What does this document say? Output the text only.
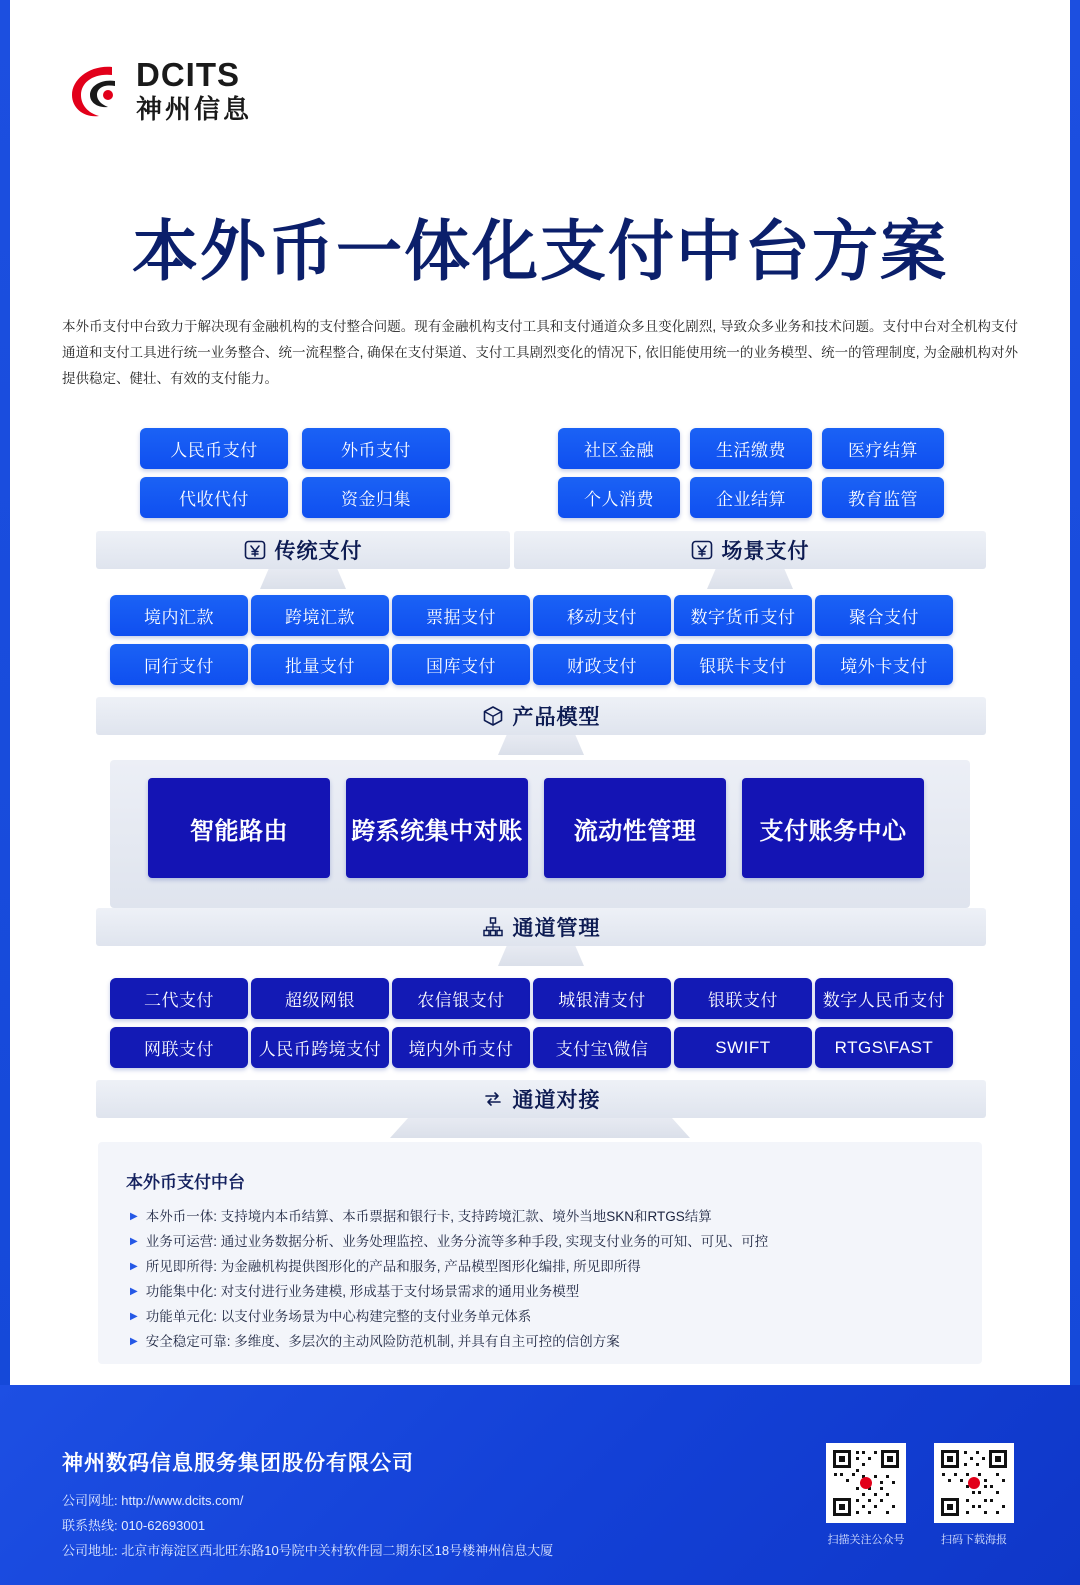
DCITS
神州信息
本外币一体化支付中台方案
本外币支付中台致力于解决现有金融机构的支付整合问题。现有金融机构支付工具和支付通道众多且变化剧烈, 导致众多业务和技术问题。支付中台对全机构支付通道和支付工具进行统一业务整合、统一流程整合, 确保在支付渠道、支付工具剧烈变化的情况下, 依旧能使用统一的业务模型、统一的管理制度, 为金融机构对外提供稳定、健壮、有效的支付能力。
人民币支付	外币支付
代收代付	资金归集
传统支付
社区金融	生活缴费	医疗结算
个人消费	企业结算	教育监管
场景支付
境内汇款	跨境汇款	票据支付	移动支付	数字货币支付	聚合支付
同行支付	批量支付	国库支付	财政支付	银联卡支付	境外卡支付
产品模型
智能路由	跨系统集中对账	流动性管理	支付账务中心
通道管理
二代支付	超级网银	农信银支付	城银清支付	银联支付	数字人民币支付
网联支付	人民币跨境支付	境内外币支付	支付宝\微信	SWIFT	RTGS\FAST
通道对接
本外币支付中台
▶ 本外币一体: 支持境内本币结算、本币票据和银行卡, 支持跨境汇款、境外当地SKN和RTGS结算
▶ 业务可运营: 通过业务数据分析、业务处理监控、业务分流等多种手段, 实现支付业务的可知、可见、可控
▶ 所见即所得: 为金融机构提供图形化的产品和服务, 产品模型图形化编排, 所见即所得
▶ 功能集中化: 对支付进行业务建模, 形成基于支付场景需求的通用业务模型
▶ 功能单元化: 以支付业务场景为中心构建完整的支付业务单元体系
▶ 安全稳定可靠: 多维度、多层次的主动风险防范机制, 并具有自主可控的信创方案
神州数码信息服务集团股份有限公司
公司网址: http://www.dcits.com/
联系热线: 010-62693001
公司地址: 北京市海淀区西北旺东路10号院中关村软件园二期东区18号楼神州信息大厦
扫描关注公众号	扫码下载海报
